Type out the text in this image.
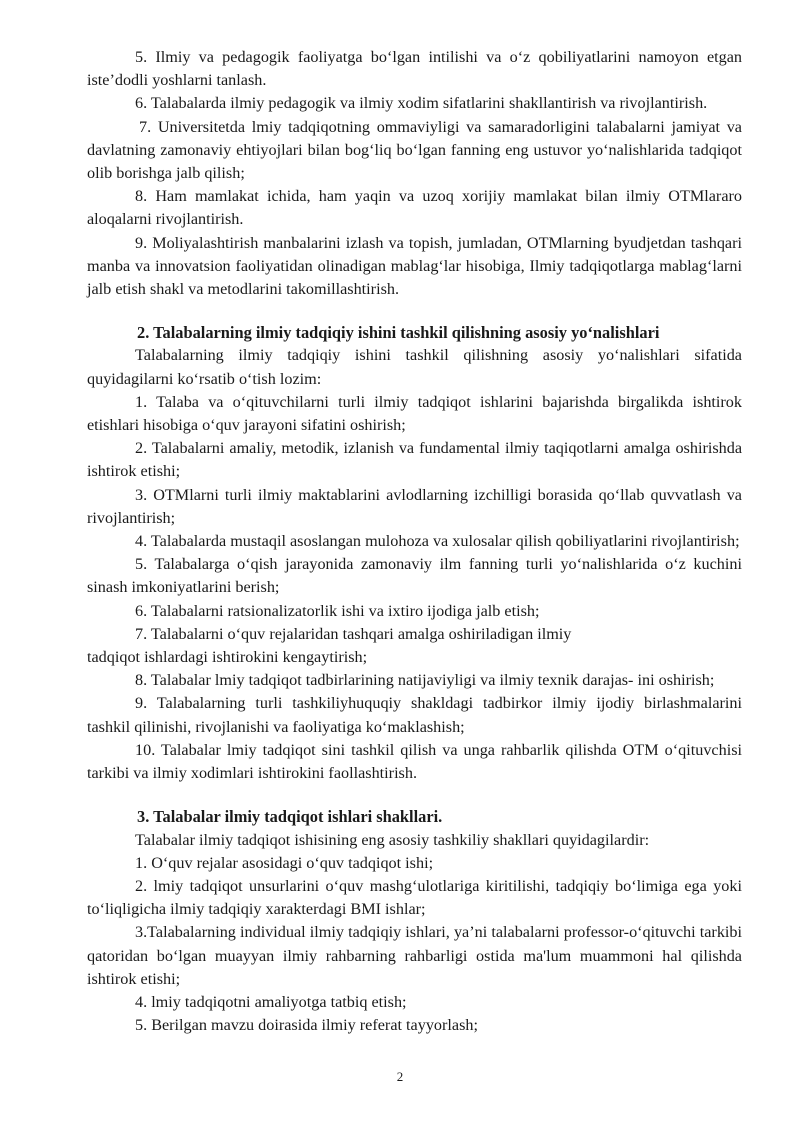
5. Ilmiy va pedagogik faoliyatga bo‘lgan intilishi va o‘z qobiliyatlarini namoyon etgan iste’dodli yoshlarni tanlash.

6. Talabalarda ilmiy pedagogik va ilmiy xodim sifatlarini shakllantirish va rivojlantirish.

7. Universitetda lmiy tadqiqotning ommaviyligi va samaradorligini talabalarni jamiyat va davlatning zamonaviy ehtiyojlari bilan bog‘liq bo‘lgan fanning eng ustuvor yo‘nalishlarida tadqiqot olib borishga jalb qilish;

8. Ham mamlakat ichida, ham yaqin va uzoq xorijiy mamlakat bilan ilmiy OTMlararo aloqalarni rivojlantirish.

9. Moliyalashtirish manbalarini izlash va topish, jumladan, OTMlarning byudjetdan tashqari manba va innovatsion faoliyatidan olinadigan mablag‘lar hisobiga, Ilmiy tadqiqotlarga mablag‘larni jalb etish shakl va metodlarini takomillashtirish.

2. Talabalarning ilmiy tadqiqiy ishini tashkil qilishning asosiy yo‘nalishlari

Talabalarning ilmiy tadqiqiy ishini tashkil qilishning asosiy yo‘nalishlari sifatida quyidagilarni ko‘rsatib o‘tish lozim:

1. Talaba va o‘qituvchilarni turli ilmiy tadqiqot ishlarini bajarishda birgalikda ishtirok etishlari hisobiga o‘quv jarayoni sifatini oshirish;

2. Talabalarni amaliy, metodik, izlanish va fundamental ilmiy taqiqotlarni amalga oshirishda ishtirok etishi;

3. OTMlarni turli ilmiy maktablarini avlodlarning izchilligi borasida qo‘llab quvvatlash va rivojlantirish;

4. Talabalarda mustaqil asoslangan mulohoza va xulosalar qilish qobiliyatlarini rivojlantirish;

5. Talabalarga o‘qish jarayonida zamonaviy ilm fanning turli yo‘nalishlarida o‘z kuchini sinash imkoniyatlarini berish;

6. Talabalarni ratsionalizatorlik ishi va ixtiro ijodiga jalb etish;

7. Talabalarni o‘quv rejalaridan tashqari amalga oshiriladigan ilmiy

tadqiqot ishlardagi ishtirokini kengaytirish;

8. Talabalar lmiy tadqiqot tadbirlarining natijaviyligi va ilmiy texnik darajas- ini oshirish;

9. Talabalarning turli tashkiliyhuquqiy shakldagi tadbirkor ilmiy ijodiy birlashmalarini tashkil qilinishi, rivojlanishi va faoliyatiga ko‘maklashish;

10. Talabalar lmiy tadqiqot sini tashkil qilish va unga rahbarlik qilishda OTM o‘qituvchisi tarkibi va ilmiy xodimlari ishtirokini faollashtirish.

3. Talabalar ilmiy tadqiqot ishlari shakllari.

Talabalar ilmiy tadqiqot ishisining eng asosiy tashkiliy shakllari quyidagilardir:

1. O‘quv rejalar asosidagi o‘quv tadqiqot ishi;

2. lmiy tadqiqot unsurlarini o‘quv mashg‘ulotlariga kiritilishi, tadqiqiy bo‘limiga ega yoki to‘liqligicha ilmiy tadqiqiy xarakterdagi BMI ishlar;

3.Talabalarning individual ilmiy tadqiqiy ishlari, ya’ni talabalarni professor-o‘qituvchi tarkibi qatoridan bo‘lgan muayyan ilmiy rahbarning rahbarligi ostida ma'lum muammoni hal qilishda ishtirok etishi;

4. lmiy tadqiqotni amaliyotga tatbiq etish;

5. Berilgan mavzu doirasida ilmiy referat tayyorlash;

2
